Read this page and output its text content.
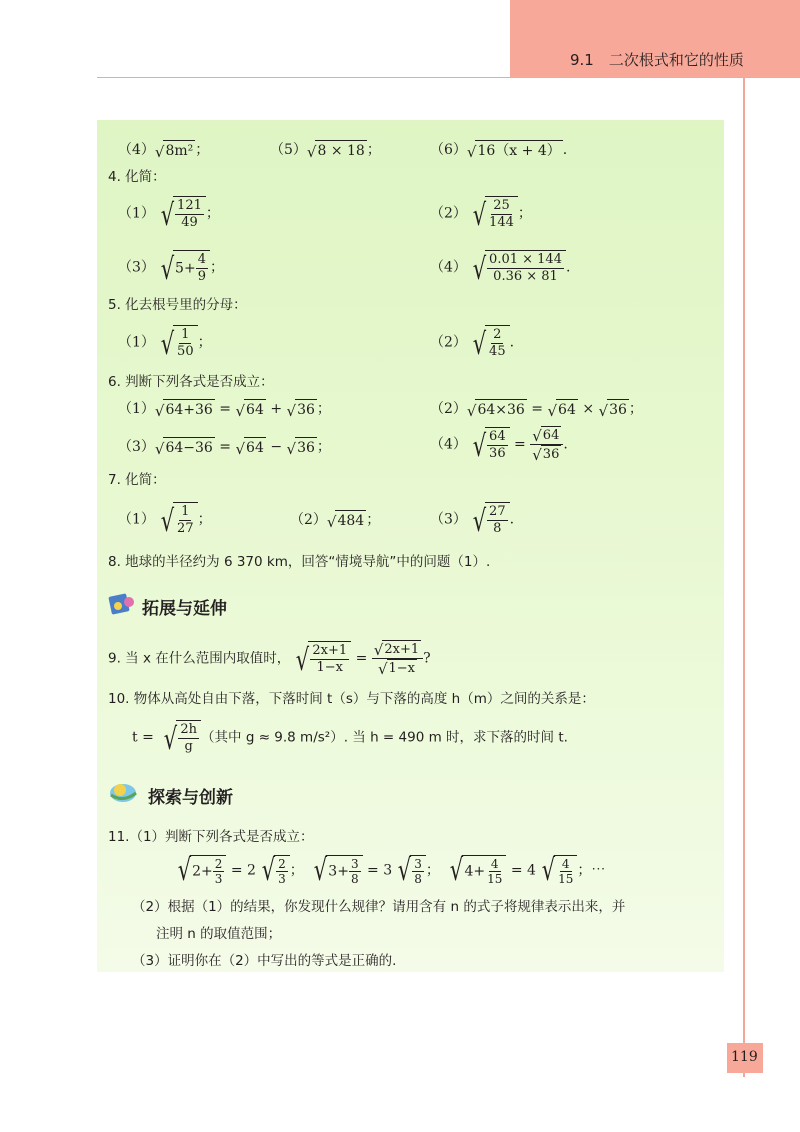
9.1　二次根式和它的性质
（4） √ 8m² ；	（5） √ 8 × 18 ；	（6） √ 16（x + 4） .
4. 化简：
（1） √ $\frac{121}{49}$ ；	（2） √ $\frac{25}{144}$ ；
（3） √ $5+ \frac{4}{9}$ ；	（4） √ $\frac{0.01 \times 144}{0.36 \times 81}$ .
5. 化去根号里的分母：
（1） √ $\frac{1}{50}$ ；	（2） √ $\frac{2}{45}$ .
6. 判断下列各式是否成立：
（1） √ 64+36 = √ 64 + √ 36 ；	（2） √ 64×36 = √ 64 × √ 36 ；
（3） √ 64−36 = √ 64 − √ 36 ；	（4） √ $\frac{64}{36} = \frac{√ 64}{√ 36}$ .
7. 化简：
（1） √ $\frac{1}{27}$ ；	（2） √ 484 ；	（3） √ $\frac{27}{8}$ .
8. 地球的半径约为 6 370 km，回答“情境导航”中的问题（1）.
拓展与延伸
9. 当 x 在什么范围内取值时， √ $\frac{2x+1}{1-x} = \frac{√ 2x+1}{√ 1-x}$ ?
10. 物体从高处自由下落，下落时间 t（s）与下落的高度 h（m）之间的关系是：
t = √ $\frac{2h}{g}$ （其中 g ≈ 9.8 m/s²）. 当 h = 490 m 时，求下落的时间 t.
探索与创新
11.（1）判断下列各式是否成立：
√ $2+ \frac{2}{3} = 2$ √ $\frac{2}{3}$ ； √ $3+ \frac{3}{8} = 3$ √ $\frac{3}{8}$ ； √ $4+ \frac{4}{15} = 4$ √ $\frac{4}{15}$ ；⋯
（2）根据（1）的结果，你发现什么规律？请用含有 n 的式子将规律表示出来，并
注明 n 的取值范围；
（3）证明你在（2）中写出的等式是正确的.
119
